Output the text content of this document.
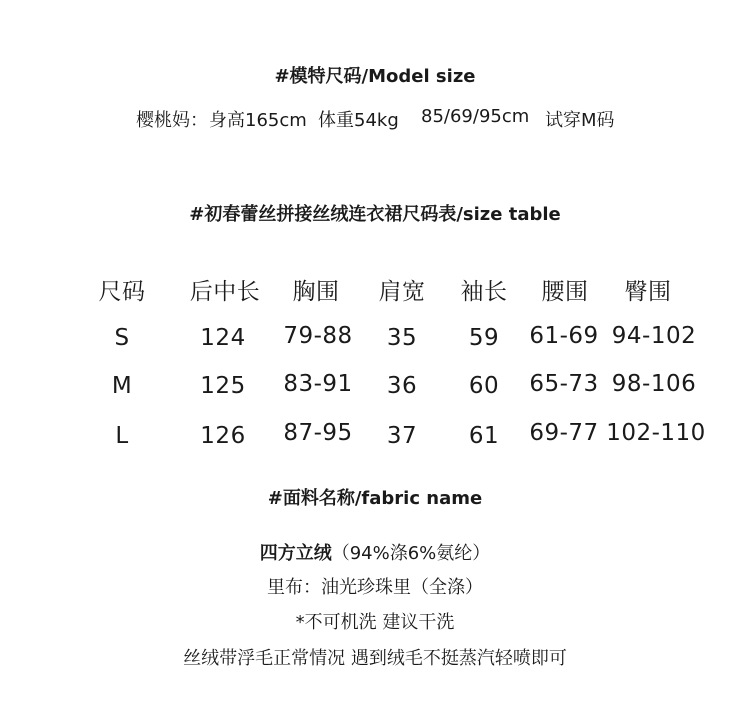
#模特尺码/Model size
樱桃妈： 身高165cm 体重54kg 85/69/95cm 试穿M码
#初春蕾丝拼接丝绒连衣裙尺码表/size table
尺码	后中长	胸围	肩宽	袖长	腰围	臀围
S	124	79-88	35	59	61-69 94-102
M	125	83-91	36	60	65-73 98-106
L	126	87-95	37	61	69-77 102-110
#面料名称/fabric name
四方立绒（94%涤6%氨纶）
里布：油光珍珠里（全涤）
*不可机洗 建议干洗
丝绒带浮毛正常情况 遇到绒毛不挺蒸汽轻喷即可
